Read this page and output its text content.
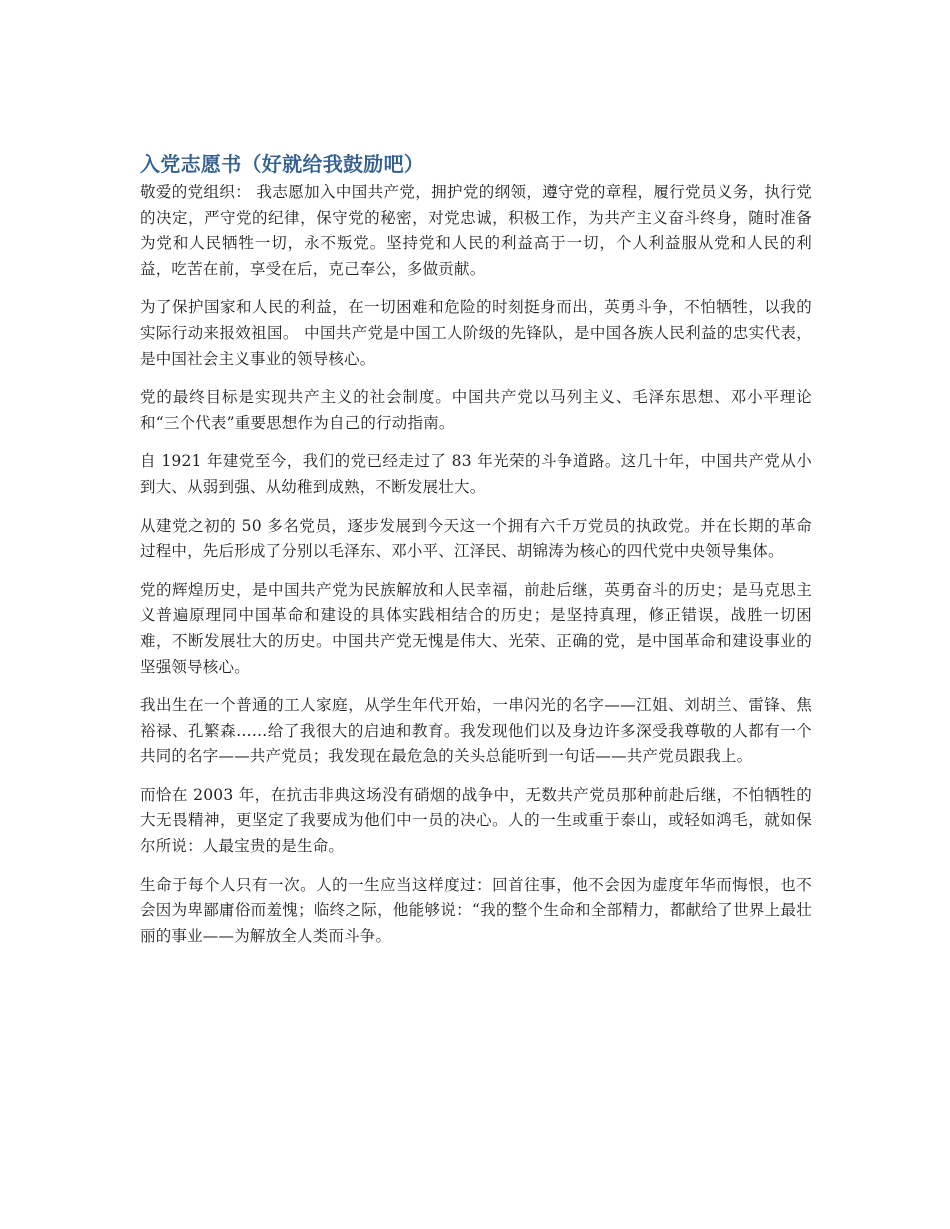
入党志愿书（好就给我鼓励吧）

敬爱的党组织： 我志愿加入中国共产党，拥护党的纲领，遵守党的章程，履行党员义务，执行党的决定，严守党的纪律，保守党的秘密，对党忠诚，积极工作，为共产主义奋斗终身，随时准备为党和人民牺牲一切，永不叛党。坚持党和人民的利益高于一切，个人利益服从党和人民的利益，吃苦在前，享受在后，克己奉公，多做贡献。

为了保护国家和人民的利益，在一切困难和危险的时刻挺身而出，英勇斗争，不怕牺牲，以我的实际行动来报效祖国。 中国共产党是中国工人阶级的先锋队，是中国各族人民利益的忠实代表，是中国社会主义事业的领导核心。

党的最终目标是实现共产主义的社会制度。中国共产党以马列主义、毛泽东思想、邓小平理论和“三个代表”重要思想作为自己的行动指南。

自 1921 年建党至今，我们的党已经走过了 83 年光荣的斗争道路。这几十年，中国共产党从小到大、从弱到强、从幼稚到成熟，不断发展壮大。

从建党之初的 50 多名党员，逐步发展到今天这一个拥有六千万党员的执政党。并在长期的革命过程中，先后形成了分别以毛泽东、邓小平、江泽民、胡锦涛为核心的四代党中央领导集体。

党的辉煌历史，是中国共产党为民族解放和人民幸福，前赴后继，英勇奋斗的历史；是马克思主义普遍原理同中国革命和建设的具体实践相结合的历史；是坚持真理，修正错误，战胜一切困难，不断发展壮大的历史。中国共产党无愧是伟大、光荣、正确的党，是中国革命和建设事业的坚强领导核心。

我出生在一个普通的工人家庭，从学生年代开始，一串闪光的名字——江姐、刘胡兰、雷锋、焦裕禄、孔繁森……给了我很大的启迪和教育。我发现他们以及身边许多深受我尊敬的人都有一个共同的名字——共产党员；我发现在最危急的关头总能听到一句话——共产党员跟我上。

而恰在 2003 年，在抗击非典这场没有硝烟的战争中，无数共产党员那种前赴后继，不怕牺牲的大无畏精神，更坚定了我要成为他们中一员的决心。人的一生或重于泰山，或轻如鸿毛，就如保尔所说：人最宝贵的是生命。

生命于每个人只有一次。人的一生应当这样度过：回首往事，他不会因为虚度年华而悔恨，也不会因为卑鄙庸俗而羞愧；临终之际，他能够说：“我的整个生命和全部精力，都献给了世界上最壮丽的事业——为解放全人类而斗争。
